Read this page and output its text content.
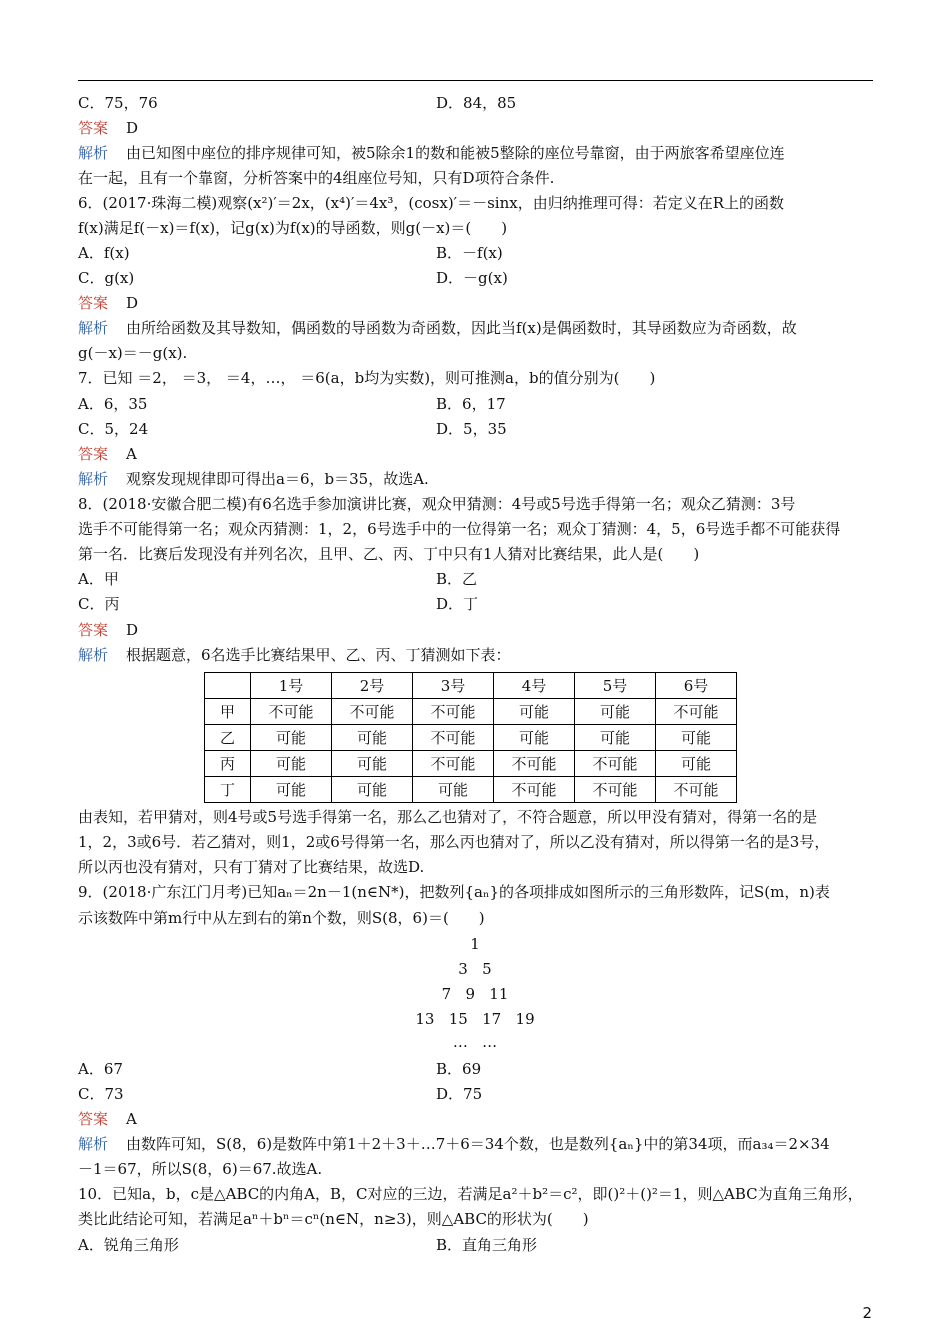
C．75，76	D．84，85
答案 D
解析 由已知图中座位的排序规律可知，被5除余1的数和能被5整除的座位号靠窗，由于两旅客希望座位连
在一起，且有一个靠窗，分析答案中的4组座位号知，只有D项符合条件.
6．(2017·珠海二模)观察(x²)′＝2x，(x⁴)′＝4x³，(cosx)′＝－sinx，由归纳推理可得：若定义在R上的函数
f(x)满足f(－x)＝f(x)，记g(x)为f(x)的导函数，则g(－x)＝(　　)
A．f(x)	B．－f(x)
C．g(x)	D．－g(x)
答案 D
解析 由所给函数及其导数知，偶函数的导函数为奇函数，因此当f(x)是偶函数时，其导函数应为奇函数，故
g(－x)＝－g(x).
7．已知 ＝2， ＝3， ＝4，…， ＝6(a，b均为实数)，则可推测a，b的值分别为(　　)
A．6，35	B．6，17
C．5，24	D．5，35
答案 A
解析 观察发现规律即可得出a＝6，b＝35，故选A.
8．(2018·安徽合肥二模)有6名选手参加演讲比赛，观众甲猜测：4号或5号选手得第一名；观众乙猜测：3号
选手不可能得第一名；观众丙猜测：1，2，6号选手中的一位得第一名；观众丁猜测：4，5，6号选手都不可能获得
第一名．比赛后发现没有并列名次，且甲、乙、丙、丁中只有1人猜对比赛结果，此人是(　　)
A．甲	B．乙
C．丙	D．丁
答案 D
解析 根据题意，6名选手比赛结果甲、乙、丙、丁猜测如下表：
	1号	2号	3号	4号	5号	6号
甲	不可能	不可能	不可能	可能	可能	不可能
乙	可能	可能	不可能	可能	可能	可能
丙	可能	可能	不可能	不可能	不可能	可能
丁	可能	可能	可能	不可能	不可能	不可能
由表知，若甲猜对，则4号或5号选手得第一名，那么乙也猜对了，不符合题意，所以甲没有猜对，得第一名的是
1，2，3或6号．若乙猜对，则1，2或6号得第一名，那么丙也猜对了，所以乙没有猜对，所以得第一名的是3号，
所以丙也没有猜对，只有丁猜对了比赛结果，故选D.
9．(2018·广东江门月考)已知aₙ＝2n－1(n∈N*)，把数列{aₙ}的各项排成如图所示的三角形数阵，记S(m，n)表
示该数阵中第m行中从左到右的第n个数，则S(8，6)＝(　　)
1
3   5
7   9   11
13   15   17   19
…   …
A．67	B．69
C．73	D．75
答案 A
解析 由数阵可知，S(8，6)是数阵中第1＋2＋3＋…7＋6＝34个数，也是数列{aₙ}中的第34项，而a₃₄＝2×34
－1＝67，所以S(8，6)＝67.故选A.
10．已知a，b，c是△ABC的内角A，B，C对应的三边，若满足a²＋b²＝c²，即()²＋()²＝1，则△ABC为直角三角形，
类比此结论可知，若满足aⁿ＋bⁿ＝cⁿ(n∈N，n≥3)，则△ABC的形状为(　　)
A．锐角三角形	B．直角三角形
2
